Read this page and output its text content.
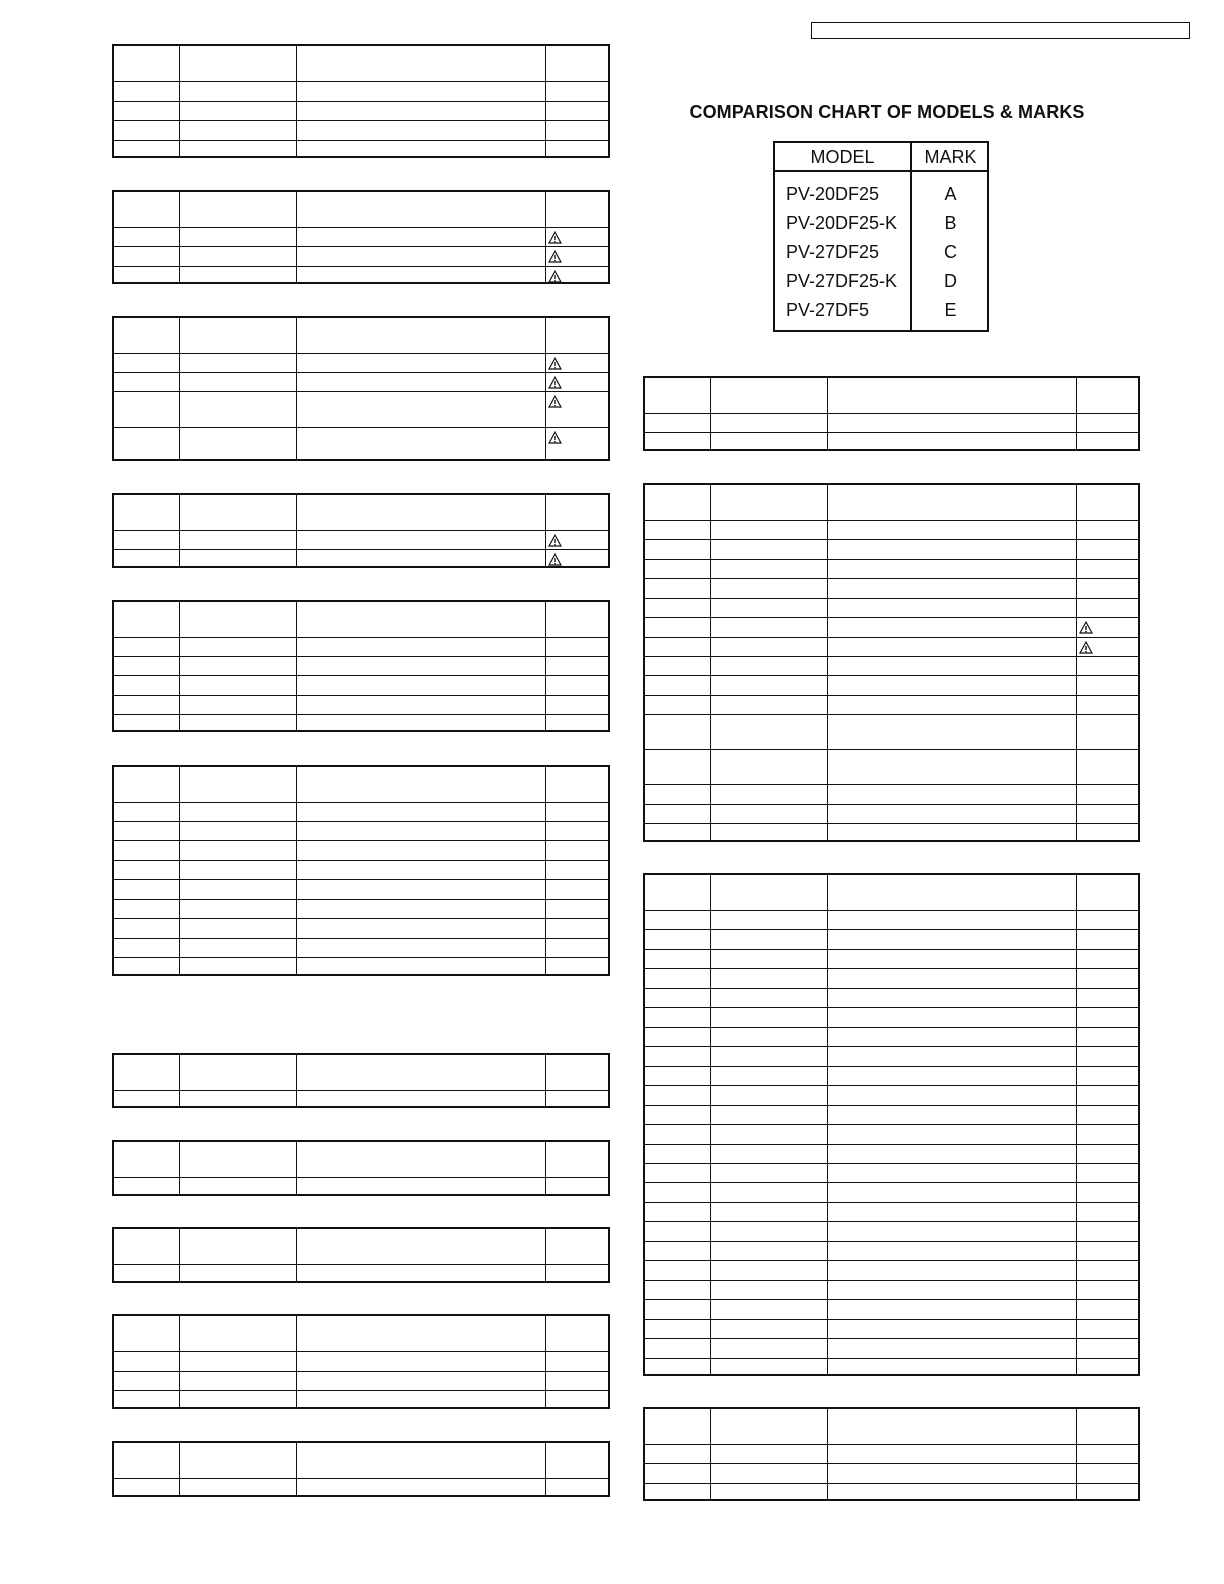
COMPARISON CHART OF MODELS & MARKS
MODEL	MARK
PV-20DF25	A
PV-20DF25-K	B
PV-27DF25	C
PV-27DF25-K	D
PV-27DF5	E
